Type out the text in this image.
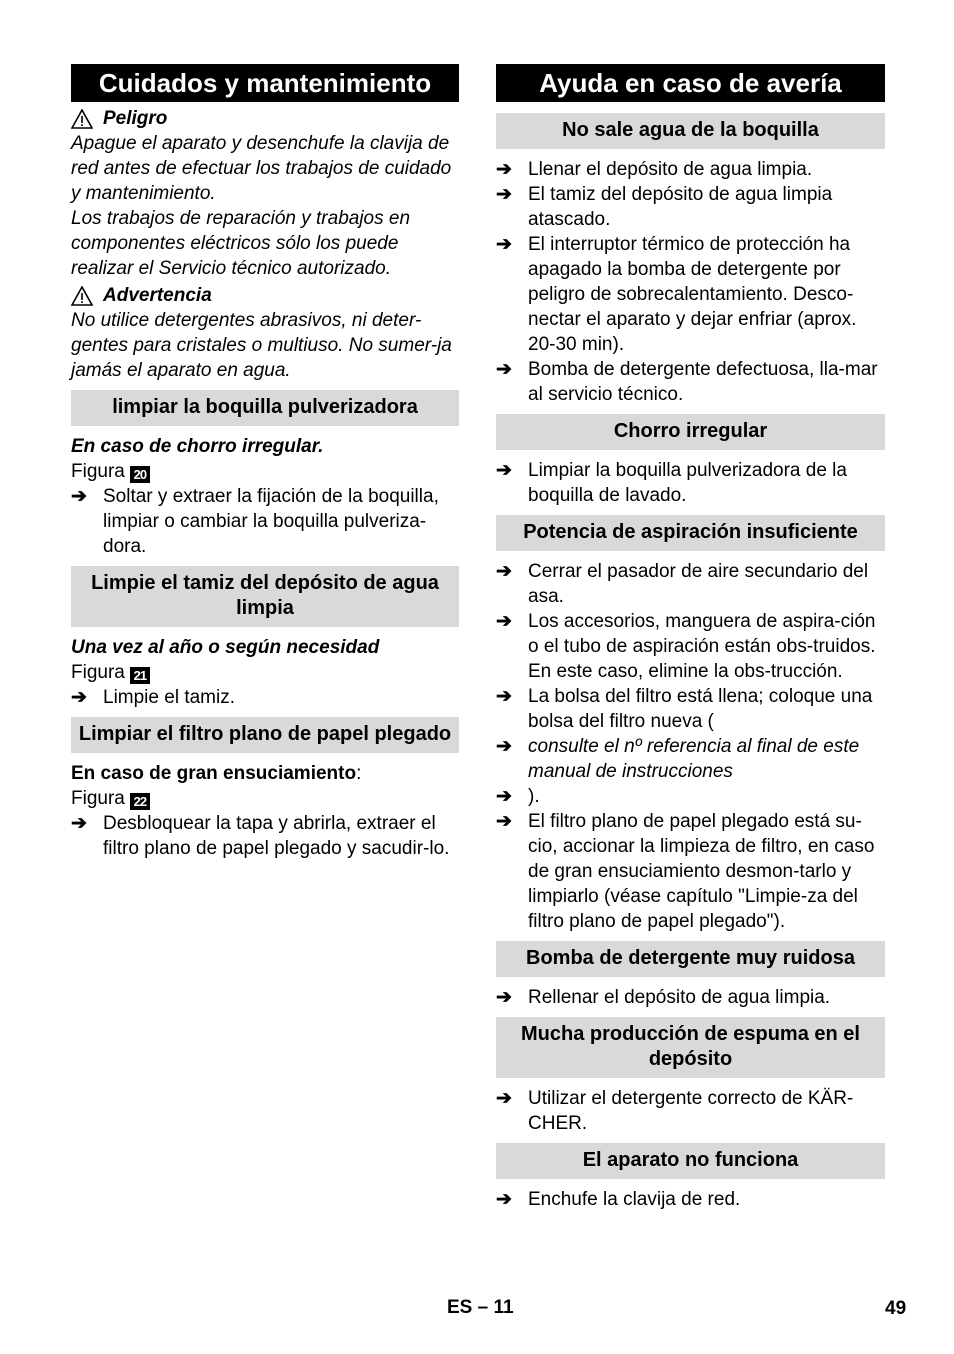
Cuidados y mantenimiento
Peligro
Apague el aparato y desenchufe la clavija de red antes de efectuar los trabajos de cuidado y mantenimiento.
Los trabajos de reparación y trabajos en componentes eléctricos sólo los puede realizar el Servicio técnico autorizado.
Advertencia
No utilice detergentes abrasivos, ni deter-gentes para cristales o multiuso. No sumer-ja jamás el aparato en agua.
limpiar la boquilla pulverizadora
En caso de chorro irregular.
Figura 20
➔ Soltar y extraer la fijación de la boquilla, limpiar o cambiar la boquilla pulveriza-dora.
Limpie el tamiz del depósito de agua limpia
Una vez al año o según necesidad
Figura 21
➔ Limpie el tamiz.
Limpiar el filtro plano de papel plegado
En caso de gran ensuciamiento:
Figura 22
➔ Desbloquear la tapa y abrirla, extraer el filtro plano de papel plegado y sacudir-lo.
Ayuda en caso de avería
No sale agua de la boquilla
➔ Llenar el depósito de agua limpia.
➔ El tamiz del depósito de agua limpia atascado.
➔ El interruptor térmico de protección ha apagado la bomba de detergente por peligro de sobrecalentamiento. Desco-nectar el aparato y dejar enfriar (aprox. 20-30 min).
➔ Bomba de detergente defectuosa, lla-mar al servicio técnico.
Chorro irregular
➔ Limpiar la boquilla pulverizadora de la boquilla de lavado.
Potencia de aspiración insuficiente
➔ Cerrar el pasador de aire secundario del asa.
➔ Los accesorios, manguera de aspira-ción o el tubo de aspiración están obs-truidos. En este caso, elimine la obs-trucción.
➔ La bolsa del filtro está llena; coloque una bolsa del filtro nueva (
➔ consulte el nº referencia al final de este manual de instrucciones
➔ ).
➔ El filtro plano de papel plegado está su-cio, accionar la limpieza de filtro, en caso de gran ensuciamiento desmon-tarlo y limpiarlo (véase capítulo "Limpie-za del filtro plano de papel plegado").
Bomba de detergente muy ruidosa
➔ Rellenar el depósito de agua limpia.
Mucha producción de espuma en el depósito
➔ Utilizar el detergente correcto de KÄR-CHER.
El aparato no funciona
➔ Enchufe la clavija de red.
ES – 11	49
